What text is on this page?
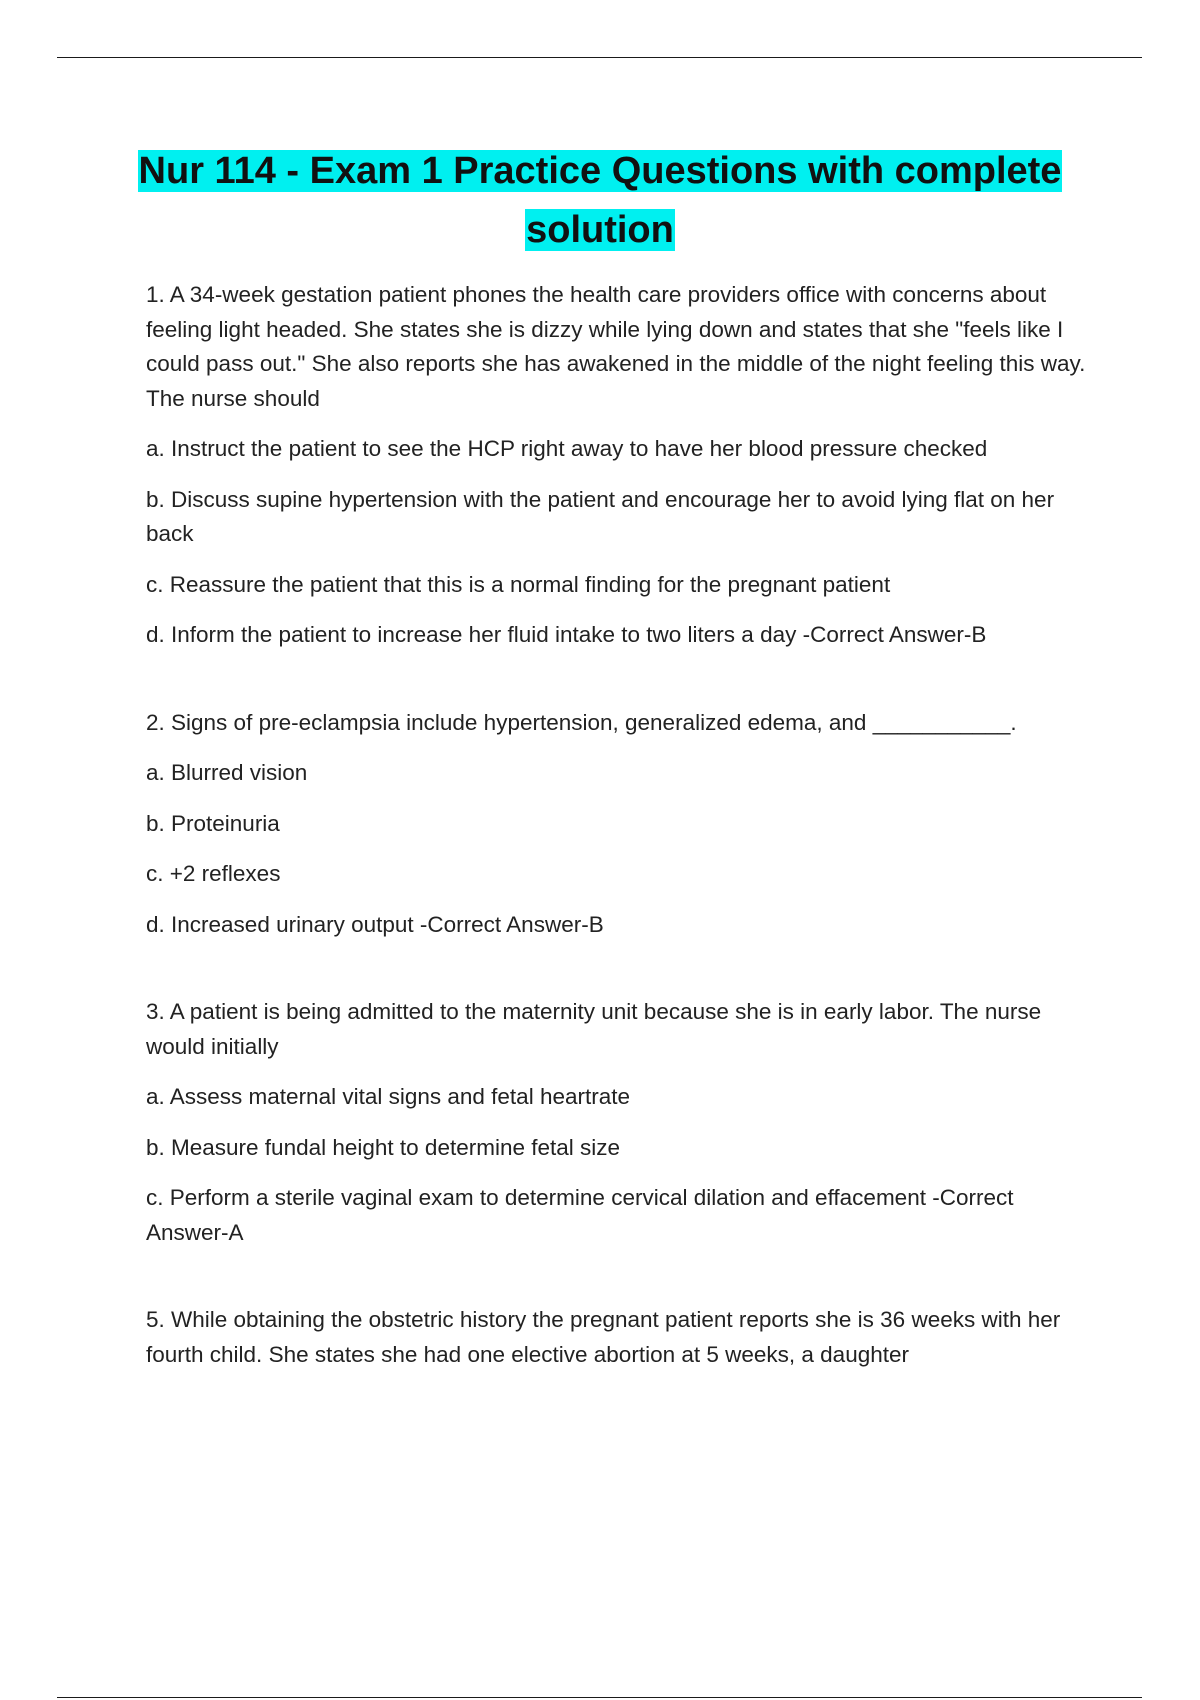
Nur 114 - Exam 1 Practice Questions with complete solution

1. A 34-week gestation patient phones the health care providers office with concerns about feeling light headed. She states she is dizzy while lying down and states that she "feels like I could pass out." She also reports she has awakened in the middle of the night feeling this way. The nurse should

a. Instruct the patient to see the HCP right away to have her blood pressure checked

b. Discuss supine hypertension with the patient and encourage her to avoid lying flat on her back

c. Reassure the patient that this is a normal finding for the pregnant patient

d. Inform the patient to increase her fluid intake to two liters a day -Correct Answer-B

2. Signs of pre-eclampsia include hypertension, generalized edema, and ___________.

a. Blurred vision

b. Proteinuria

c. +2 reflexes

d. Increased urinary output -Correct Answer-B

3. A patient is being admitted to the maternity unit because she is in early labor. The nurse would initially

a. Assess maternal vital signs and fetal heartrate

b. Measure fundal height to determine fetal size

c. Perform a sterile vaginal exam to determine cervical dilation and effacement -Correct Answer-A

5. While obtaining the obstetric history the pregnant patient reports she is 36 weeks with her fourth child. She states she had one elective abortion at 5 weeks, a daughter
